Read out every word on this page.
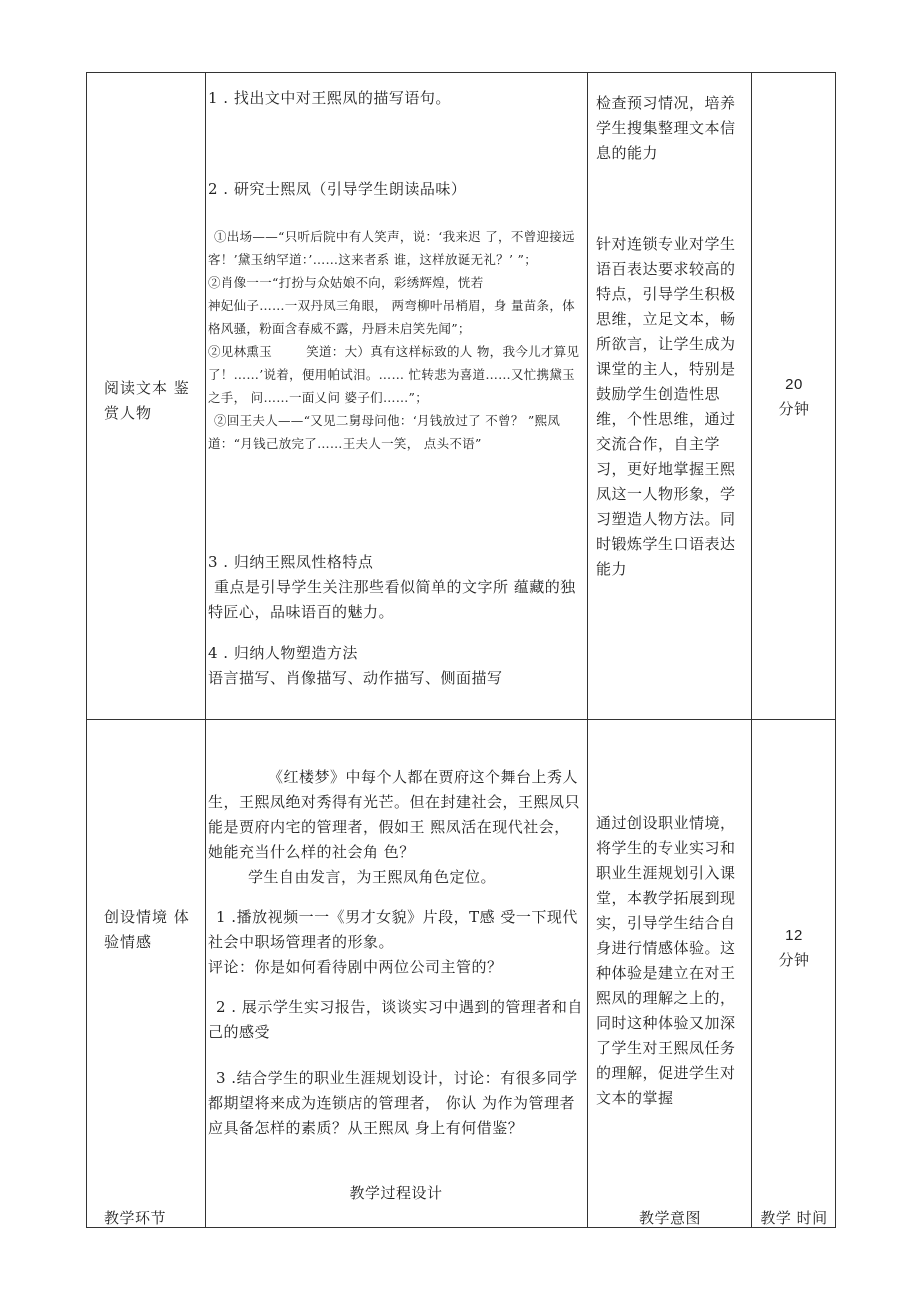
阅读文本 鉴赏人物

1 . 找出文中对王熙凤的描写语句。

2 . 研究士熙凤（引导学生朗读品味）

①出场——“只听后院中有人笑声，说：‘我来迟 了，不曾迎接远客！’黛玉纳罕道：’……这来者系 谁，这样放诞无礼？’ ”；

②肖像一一“打扮与众姑娘不向，彩绣辉煌，恍若

神妃仙子……一双丹凤三角眼， 两弯柳叶吊梢眉，身 量苗条，体格风骚，粉面含春威不露，丹唇未启笑先闻”；

②见林熏玉	笑道：大）真有这样标致的人 物，我今儿才算见了！……’说着，便用帕试泪。…… 忙转悲为喜道……又忙携黛玉之手， 问……一面乂问 婆子们……”；

②回王夫人——“又见二舅母问他：‘月钱放过了 不曾？ ”熙凤道：“月钱己放完了……王夫人一笑， 点头不语”

3 . 归纳王熙凤性格特点

重点是引导学生关注那些看似简单的文字所 蕴藏的独特匠心，品味语百的魅力。

4 . 归纳人物塑造方法

语言描写、肖像描写、动作描写、侧面描写

检查预习情况，培养学生搜集整理文本信息的能力

针对连锁专业对学生语百表达要求较高的特点，引导学生积极思维，立足文本，畅所欲言，让学生成为课堂的主人，特别是鼓励学生创造性思维，个性思维，通过交流合作，自主学习，更好地掌握王熙凤这一人物形象，学习塑造人物方法。同时锻炼学生口语表达能力

20

分钟

创设情境 体验情感

《红楼梦》中每个人都在贾府这个舞台上秀人生，王熙凤绝对秀得有光芒。但在封建社会，王熙凤只能是贾府内宅的管理者，假如王 熙凤活在现代社会，她能充当什么样的社会角 色？

学生自由发言，为王熙凤角色定位。

1 .播放视频一一《男才女貌》片段，T感 受一下现代社会中职场管理者的形象。

评论：你是如何看待剧中两位公司主管的？

2 . 展示学生实习报告，谈谈实习中遇到的管理者和自己的感受

3 .结合学生的职业生涯规划设计，讨论：有很多同学都期望将来成为连锁店的管理者， 你认 为作为管理者应具备怎样的素质？从王熙凤 身上有何借鉴？

通过创设职业情境，将学生的专业实习和职业生涯规划引入课堂，本教学拓展到现实，引导学生结合自身进行情感体验。这种体验是建立在对王熙凤的理解之上的，同时这种体验又加深了学生对王熙凤任务的理解，促进学生对文本的掌握

12

分钟

教学环节

教学过程设计

教学意图	教学 时间
